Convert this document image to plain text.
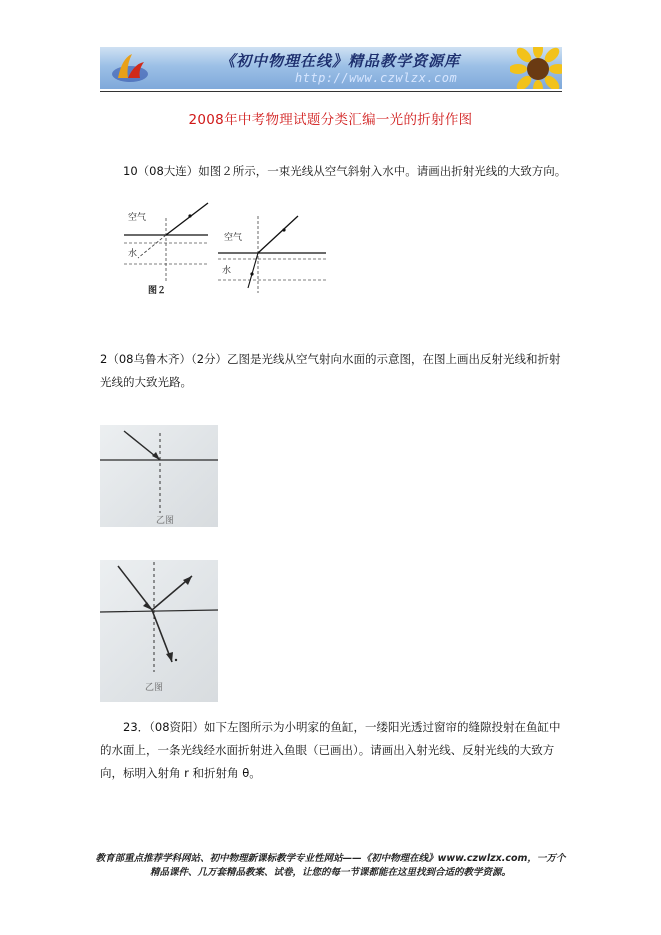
《初中物理在线》精品教学资源库
http://www.czwlzx.com
2008年中考物理试题分类汇编一光的折射作图
10（08大连）如图２所示，一束光线从空气斜射入水中。请画出折射光线的大致方向。
空气
水
图２
空气
水
2（08乌鲁木齐）（2分）乙图是光线从空气射向水面的示意图，在图上画出反射光线和折射光线的大致光路。
乙图
乙图
23．（08资阳）如下左图所示为小明家的鱼缸，一缕阳光透过窗帘的缝隙投射在鱼缸中的水面上，一条光线经水面折射进入鱼眼（已画出）。请画出入射光线、反射光线的大致方向，标明入射角 r 和折射角 θ。
教育部重点推荐学科网站、初中物理新课标教学专业性网站——《初中物理在线》www.czwlzx.com，一万个
精品课件、几万套精品教案、试卷，让您的每一节课都能在这里找到合适的教学资源。
